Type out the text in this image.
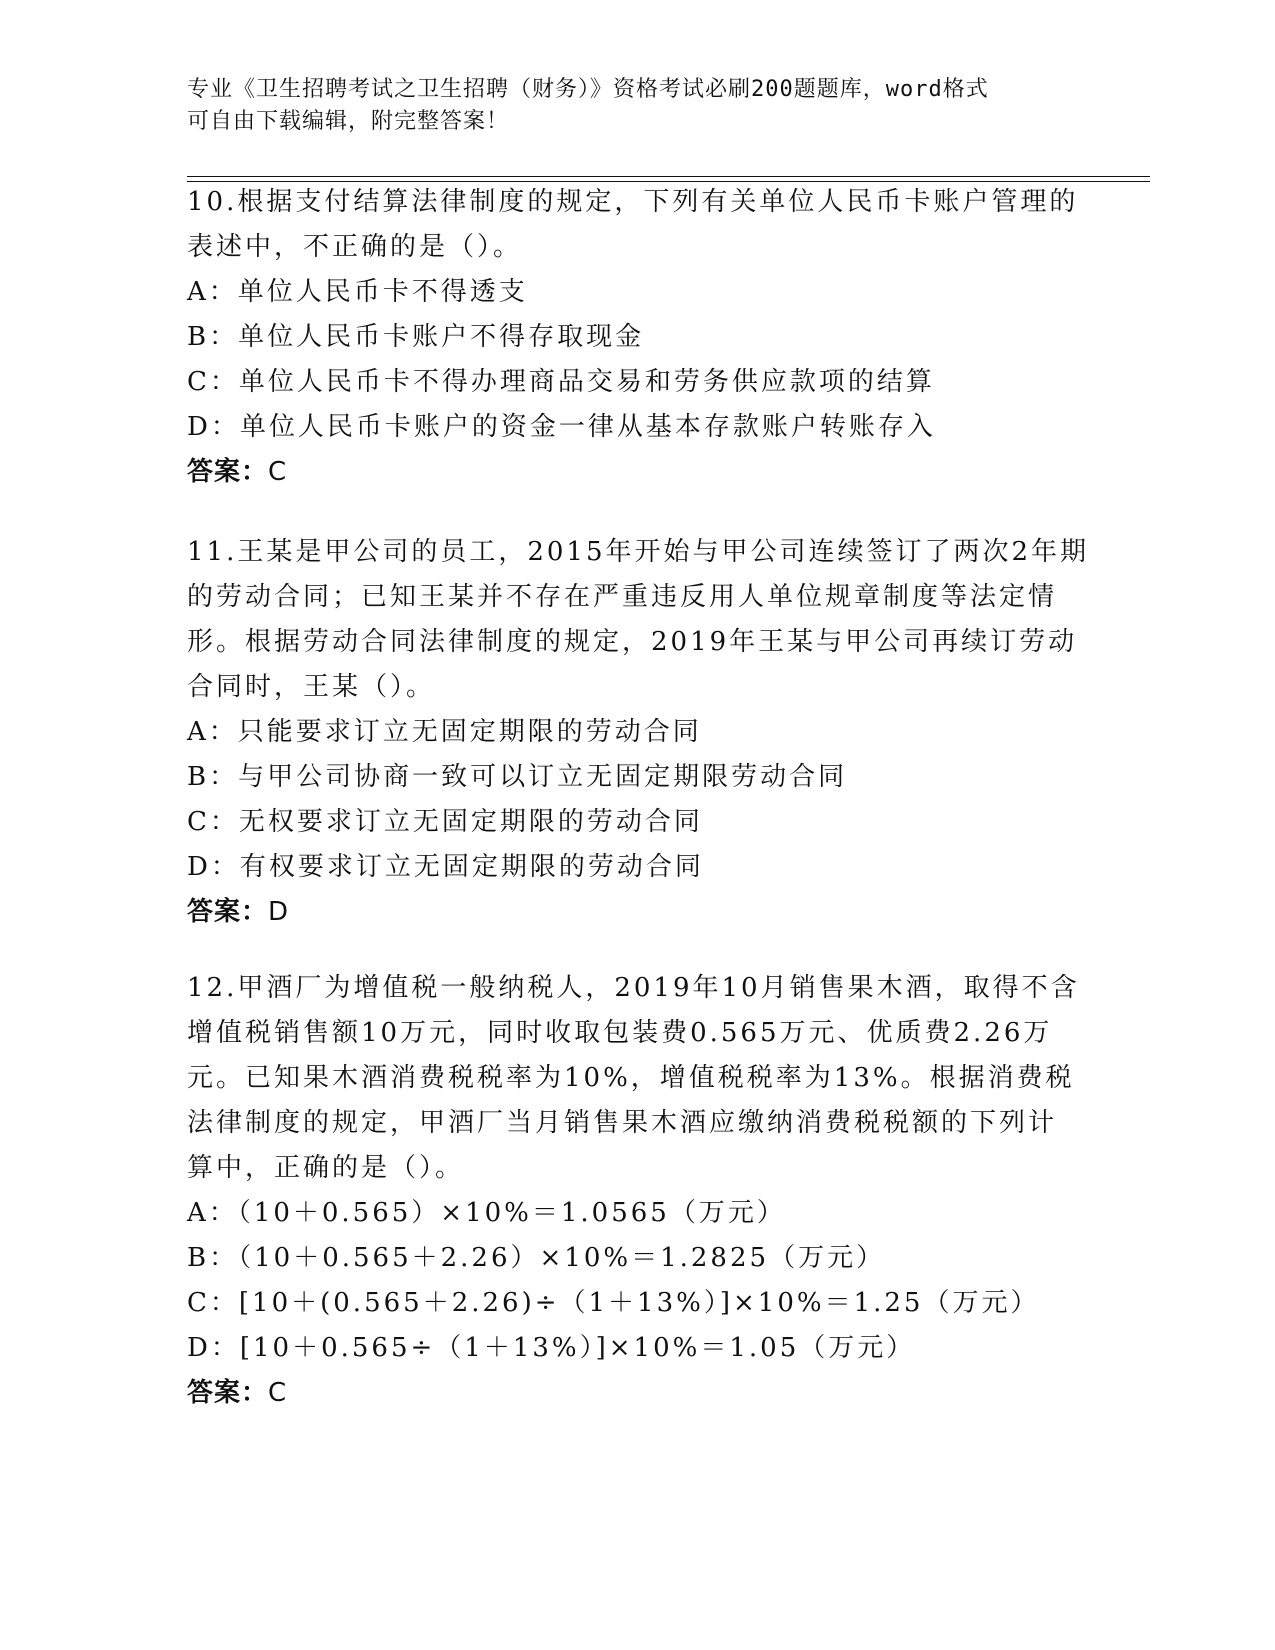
专业《卫生招聘考试之卫生招聘（财务）》资格考试必刷200题题库，word格式
可自由下载编辑，附完整答案！
10.根据支付结算法律制度的规定，下列有关单位人民币卡账户管理的
表述中，不正确的是（）。
A：单位人民币卡不得透支
B：单位人民币卡账户不得存取现金
C：单位人民币卡不得办理商品交易和劳务供应款项的结算
D：单位人民币卡账户的资金一律从基本存款账户转账存入
答案：C
11.王某是甲公司的员工，2015年开始与甲公司连续签订了两次2年期
的劳动合同；已知王某并不存在严重违反用人单位规章制度等法定情
形。根据劳动合同法律制度的规定，2019年王某与甲公司再续订劳动
合同时，王某（）。
A：只能要求订立无固定期限的劳动合同
B：与甲公司协商一致可以订立无固定期限劳动合同
C：无权要求订立无固定期限的劳动合同
D：有权要求订立无固定期限的劳动合同
答案：D
12.甲酒厂为增值税一般纳税人，2019年10月销售果木酒，取得不含
增值税销售额10万元，同时收取包装费0.565万元、优质费2.26万
元。已知果木酒消费税税率为10%，增值税税率为13%。根据消费税
法律制度的规定，甲酒厂当月销售果木酒应缴纳消费税税额的下列计
算中，正确的是（）。
A：（10＋0.565）×10%＝1.0565（万元）
B：（10＋0.565＋2.26）×10%＝1.2825（万元）
C：[10＋(0.565＋2.26)÷（1＋13%）]×10%＝1.25（万元）
D：[10＋0.565÷（1＋13%）]×10%＝1.05（万元）
答案：C
